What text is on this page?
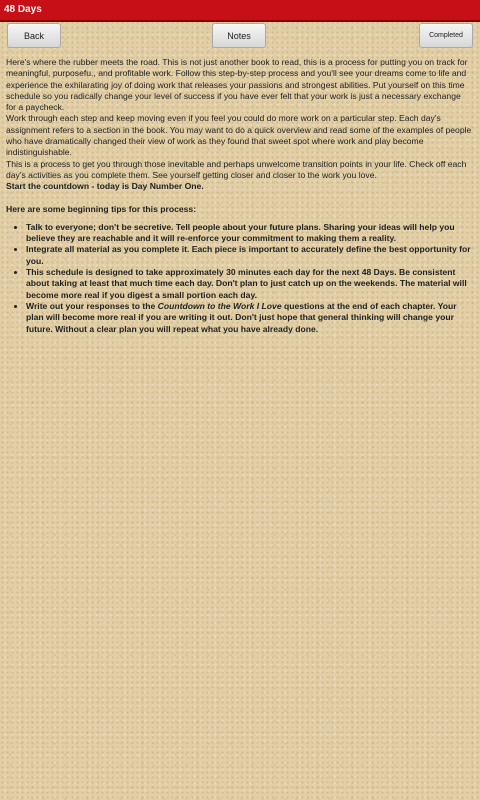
48 Days
Back	Notes	Completed

Here's where the rubber meets the road. This is not just another book to read, this is a process for putting you on track for meaningful, purposefu., and profitable work. Follow this step-by-step process and you'll see your dreams come to life and experience the exhilarating joy of doing work that releases your passions and strongest abilities. Put yourself on this time schedule so you radically change your level of success if you have ever felt that your work is just a necessary exchange for a paycheck.

Work through each step and keep moving even if you feel you could do more work on a particular step. Each day's assignment refers to a section in the book. You may want to do a quick overview and read some of the examples of people who have dramatically changed their view of work as they found that sweet spot where work and play become indistinguishable.

This is a process to get you through those inevitable and perhaps unwelcome transition points in your life. Check off each day's activities as you complete them. See yourself getting closer and closer to the work you love.

Start the countdown - today is Day Number One.

Here are some beginning tips for this process:

• Talk to everyone; don't be secretive. Tell people about your future plans. Sharing your ideas will help you believe they are reachable and it will re-enforce your commitment to making them a reality.
• Integrate all material as you complete it. Each piece is important to accurately define the best opportunity for you.
• This schedule is designed to take approximately 30 minutes each day for the next 48 Days. Be consistent about taking at least that much time each day. Don't plan to just catch up on the weekends. The material will become more real if you digest a small portion each day.
• Write out your responses to the Countdown to the Work I Love questions at the end of each chapter. Your plan will become more real if you are writing it out. Don't just hope that general thinking will change your future. Without a clear plan you will repeat what you have already done.
